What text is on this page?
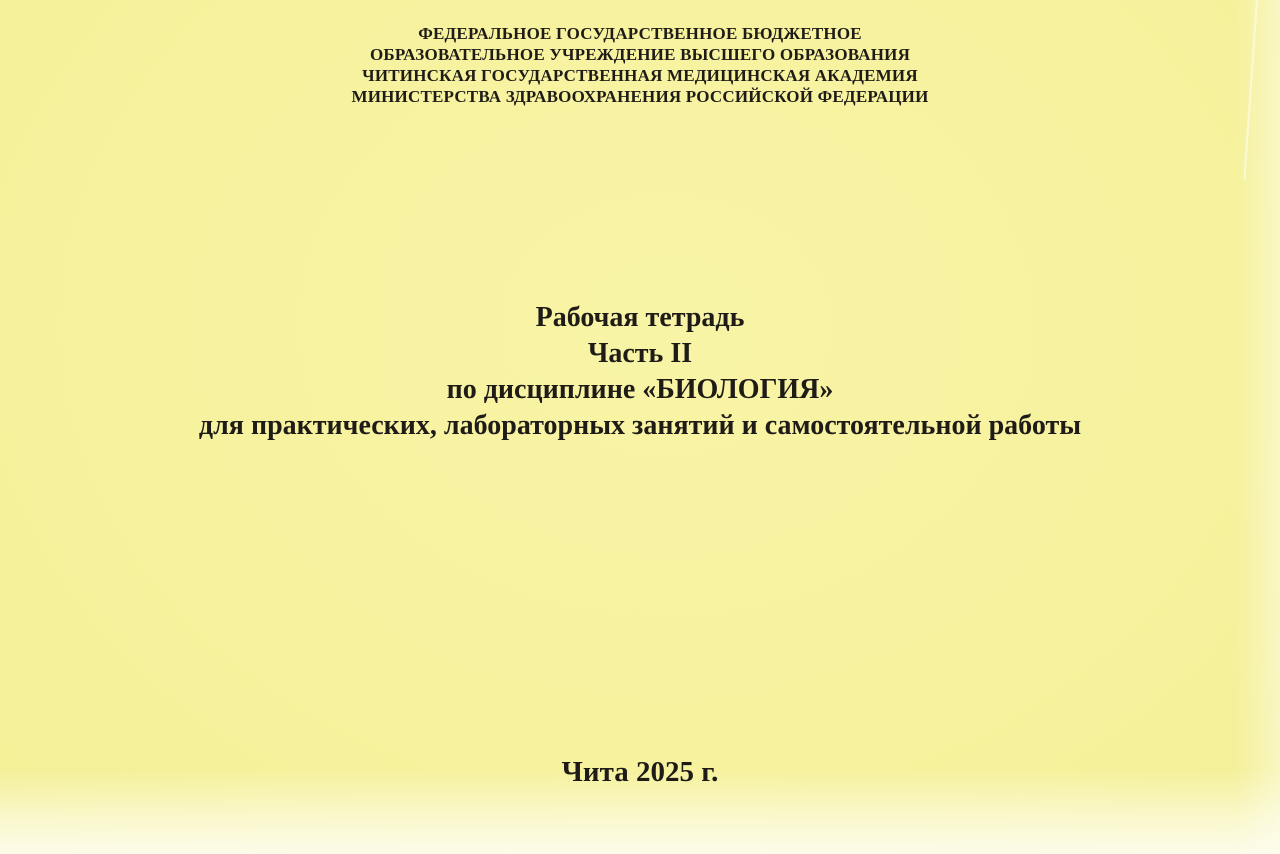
ФЕДЕРАЛЬНОЕ ГОСУДАРСТВЕННОЕ БЮДЖЕТНОЕ
ОБРАЗОВАТЕЛЬНОЕ УЧРЕЖДЕНИЕ ВЫСШЕГО ОБРАЗОВАНИЯ
ЧИТИНСКАЯ ГОСУДАРСТВЕННАЯ МЕДИЦИНСКАЯ АКАДЕМИЯ
МИНИСТЕРСТВА ЗДРАВООХРАНЕНИЯ РОССИЙСКОЙ ФЕДЕРАЦИИ
Рабочая тетрадь
Часть II
по дисциплине «БИОЛОГИЯ»
для практических, лабораторных занятий и самостоятельной работы
Чита 2025 г.
